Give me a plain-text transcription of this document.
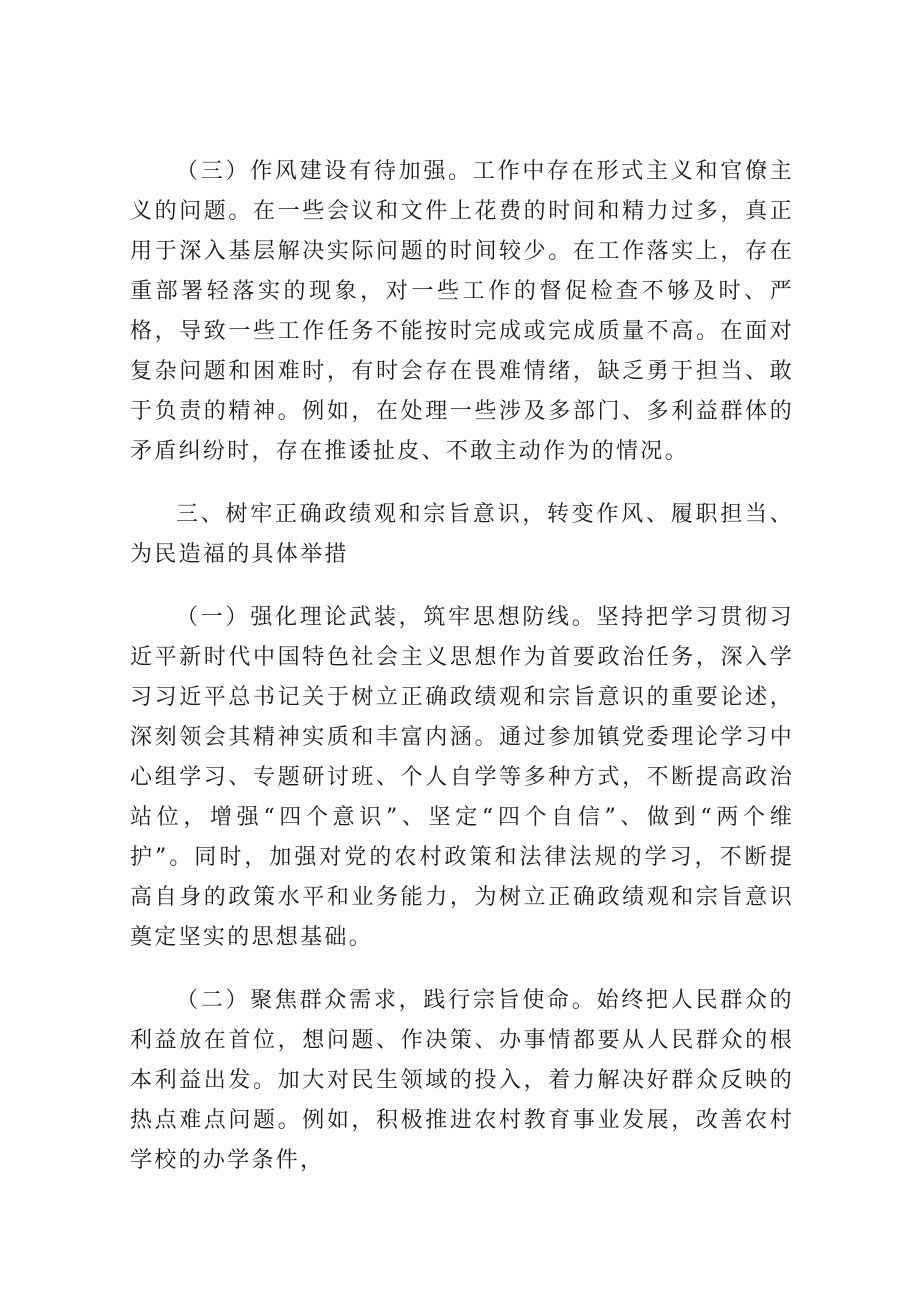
（三）作风建设有待加强。工作中存在形式主义和官僚主义的问题。在一些会议和文件上花费的时间和精力过多，真正用于深入基层解决实际问题的时间较少。在工作落实上，存在重部署轻落实的现象，对一些工作的督促检查不够及时、严格，导致一些工作任务不能按时完成或完成质量不高。在面对复杂问题和困难时，有时会存在畏难情绪，缺乏勇于担当、敢于负责的精神。例如，在处理一些涉及多部门、多利益群体的矛盾纠纷时，存在推诿扯皮、不敢主动作为的情况。

三、树牢正确政绩观和宗旨意识，转变作风、履职担当、为民造福的具体举措

（一）强化理论武装，筑牢思想防线。坚持把学习贯彻习近平新时代中国特色社会主义思想作为首要政治任务，深入学习习近平总书记关于树立正确政绩观和宗旨意识的重要论述，深刻领会其精神实质和丰富内涵。通过参加镇党委理论学习中心组学习、专题研讨班、个人自学等多种方式，不断提高政治站位，增强“四个意识”、坚定“四个自信”、做到“两个维护”。同时，加强对党的农村政策和法律法规的学习，不断提高自身的政策水平和业务能力，为树立正确政绩观和宗旨意识奠定坚实的思想基础。

（二）聚焦群众需求，践行宗旨使命。始终把人民群众的利益放在首位，想问题、作决策、办事情都要从人民群众的根本利益出发。加大对民生领域的投入，着力解决好群众反映的热点难点问题。例如，积极推进农村教育事业发展，改善农村学校的办学条件，
